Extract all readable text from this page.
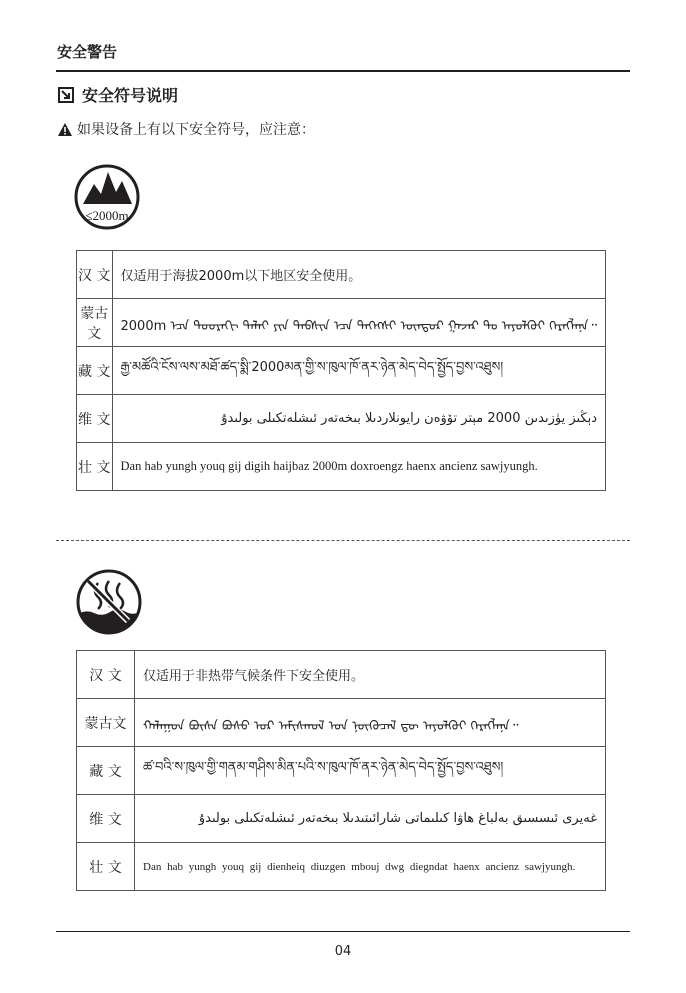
安全警告
安全符号说明
如果设备上有以下安全符号，应注意：
≤2000m
汉 文	仅适用于海拔2000m以下地区安全使用。
蒙古文	2000m ᠡᠴᠡ ᠳᠣᠣᠷᠠᠬᠢ ᠳᠠᠯᠠᠢ ᠶᠢᠨ ᠲᠡᠪᠰᠢᠨ ᠡᠴᠡ ᠳᠡᠭᠡᠭᠰᠢ ᠥᠨᠳᠥᠷ ᠭᠠᠵᠠᠷ ᠲᠤ ᠠᠶᠤᠯᠭᠦᠢ ᠬᠡᠷᠡᠭᠯᠡᠨᠡ᠃
藏 文	རྒྱ་མཚོའི་ངོས་ལས་མཐོ་ཚད་སྨི་2000མན་གྱི་ས་ཁུལ་ཁོ་ནར་ཉེན་མེད་བེད་སྤྱོད་བྱས་འཐུས།
维 文	دېڭىز يۈزىدىن 2000 مېتر تۆۋەن رايونلاردىلا بىخەتەر ئىشلەتكىلى بولىدۇ
壮 文	Dan hab yungh youq gij digih haijbaz 2000m doxroengz haenx ancienz sawjyungh.
汉 文	仅适用于非热带气候条件下安全使用。
蒙古文	ᠬᠠᠯᠠᠭᠤᠨ ᠪᠦᠰᠡ ᠪᠤᠰᠤ ᠤᠷ ᠠᠮᠢᠰᠬᠤᠯ ᠤᠨ ᠨᠥᠬᠦᠴᠡᠯ ᠳᠦ ᠠᠶᠤᠯᠭᠦᠢ ᠬᠡᠷᠡᠭᠯᠡᠨᠡ᠃
藏 文	ཚ་བའི་ས་ཁུལ་གྱི་གནམ་གཤིས་མིན་པའི་ས་ཁུལ་ཁོ་ནར་ཉེན་མེད་བེད་སྤྱོད་བྱས་འཐུས།
维 文	غەيرى ئىسسىق بەلباغ ھاۋا كىلىماتى شارائىتىدىلا بىخەتەر ئىشلەتكىلى بولىدۇ
壮 文	Dan hab yungh youq gij dienheiq diuzgen mbouj dwg diegndat haenx ancienz sawjyungh.
04
